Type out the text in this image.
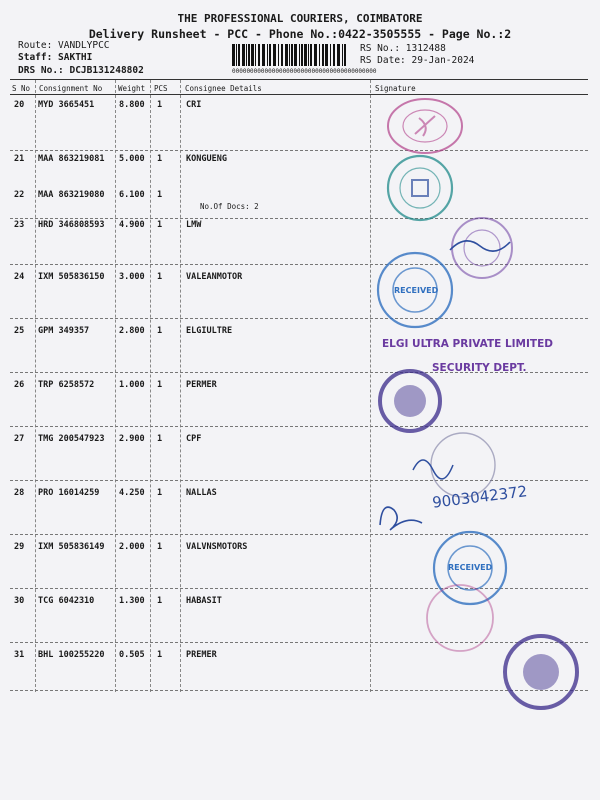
THE PROFESSIONAL COURIERS, COIMBATORE
Delivery Runsheet - PCC - Phone No.:0422-3505555 - Page No.:2
Route: VANDLYPCC
Staff: SAKTHI
DRS No.: DCJB131248802
RS No.: 1312488
RS Date: 29-Jan-2024
0000000000000000000000000000000000000000
S No Consignment No Weight PCS Consignee Details	Signature
20 MYD 3665451	8.800 1	CRI
21 MAA 863219081 5.000 1	KONGUENG
22 MAA 863219080 6.100 1
23 HRD 346808593 4.900 1	LMW
24 IXM 505836150 3.000 1	VALEANMOTOR
25 GPM 349357	2.800 1	ELGIULTRE
26 TRP 6258572	1.000 1	PERMER
27 TMG 200547923 2.900 1	CPF
28 PRO 16014259 4.250 1	NALLAS
29 IXM 505836149 2.000 1	VALVNSMOTORS
30 TCG 6042310	1.300 1	HABASIT
31 BHL 100255220 0.505 1	PREMER
No.Of Docs: 2
RECEIVED
ELGI ULTRA PRIVATE LIMITED
SECURITY DEPT.
9003042372
RECEIVED
